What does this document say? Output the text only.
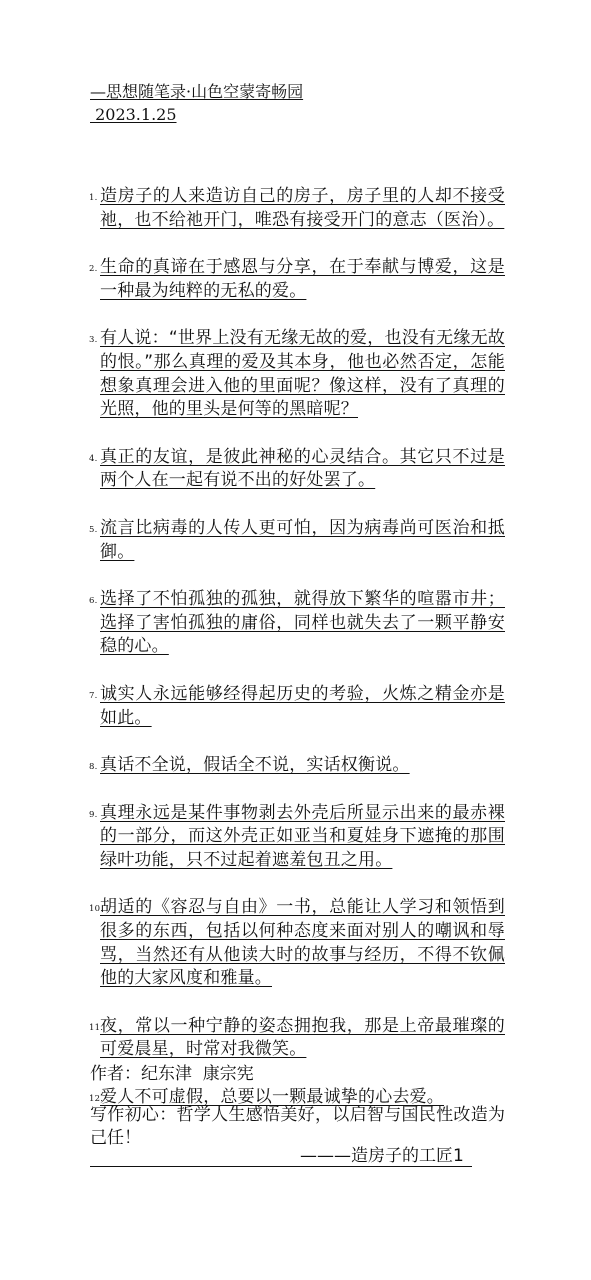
—思想随笔录·山色空蒙寄畅园
2023.1.25
1. 造房子的人来造访自己的房子，房子里的人却不接受祂，也不给祂开门，唯恐有接受开门的意志（医治）。
2. 生命的真谛在于感恩与分享，在于奉献与博爱，这是一种最为纯粹的无私的爱。
3. 有人说：“世界上没有无缘无故的爱，也没有无缘无故的恨。”那么真理的爱及其本身，他也必然否定，怎能想象真理会进入他的里面呢？像这样，没有了真理的光照，他的里头是何等的黑暗呢？
4. 真正的友谊，是彼此神秘的心灵结合。其它只不过是两个人在一起有说不出的好处罢了。
5. 流言比病毒的人传人更可怕，因为病毒尚可医治和抵御。
6. 选择了不怕孤独的孤独，就得放下繁华的喧嚣市井；选择了害怕孤独的庸俗，同样也就失去了一颗平静安稳的心。
7. 诚实人永远能够经得起历史的考验，火炼之精金亦是如此。
8. 真话不全说，假话全不说，实话权衡说。
9. 真理永远是某件事物剥去外壳后所显示出来的最赤裸的一部分，而这外壳正如亚当和夏娃身下遮掩的那围绿叶功能，只不过起着遮羞包丑之用。
10.
胡适的《容忍与自由》一书，总能让人学习和领悟到很多的东西，包括以何种态度来面对别人的嘲讽和辱骂，当然还有从他读大时的故事与经历，不得不钦佩他的大家风度和雅量。
11.
夜，常以一种宁静的姿态拥抱我，那是上帝最璀璨的可爱晨星，时常对我微笑。
12.
爱人不可虚假，总要以一颗最诚挚的心去爱。
作者：纪东津  康宗宪
写作初心：哲学人生感悟美好，以启智与国民性改造为己任！
———造房子的工匠1
